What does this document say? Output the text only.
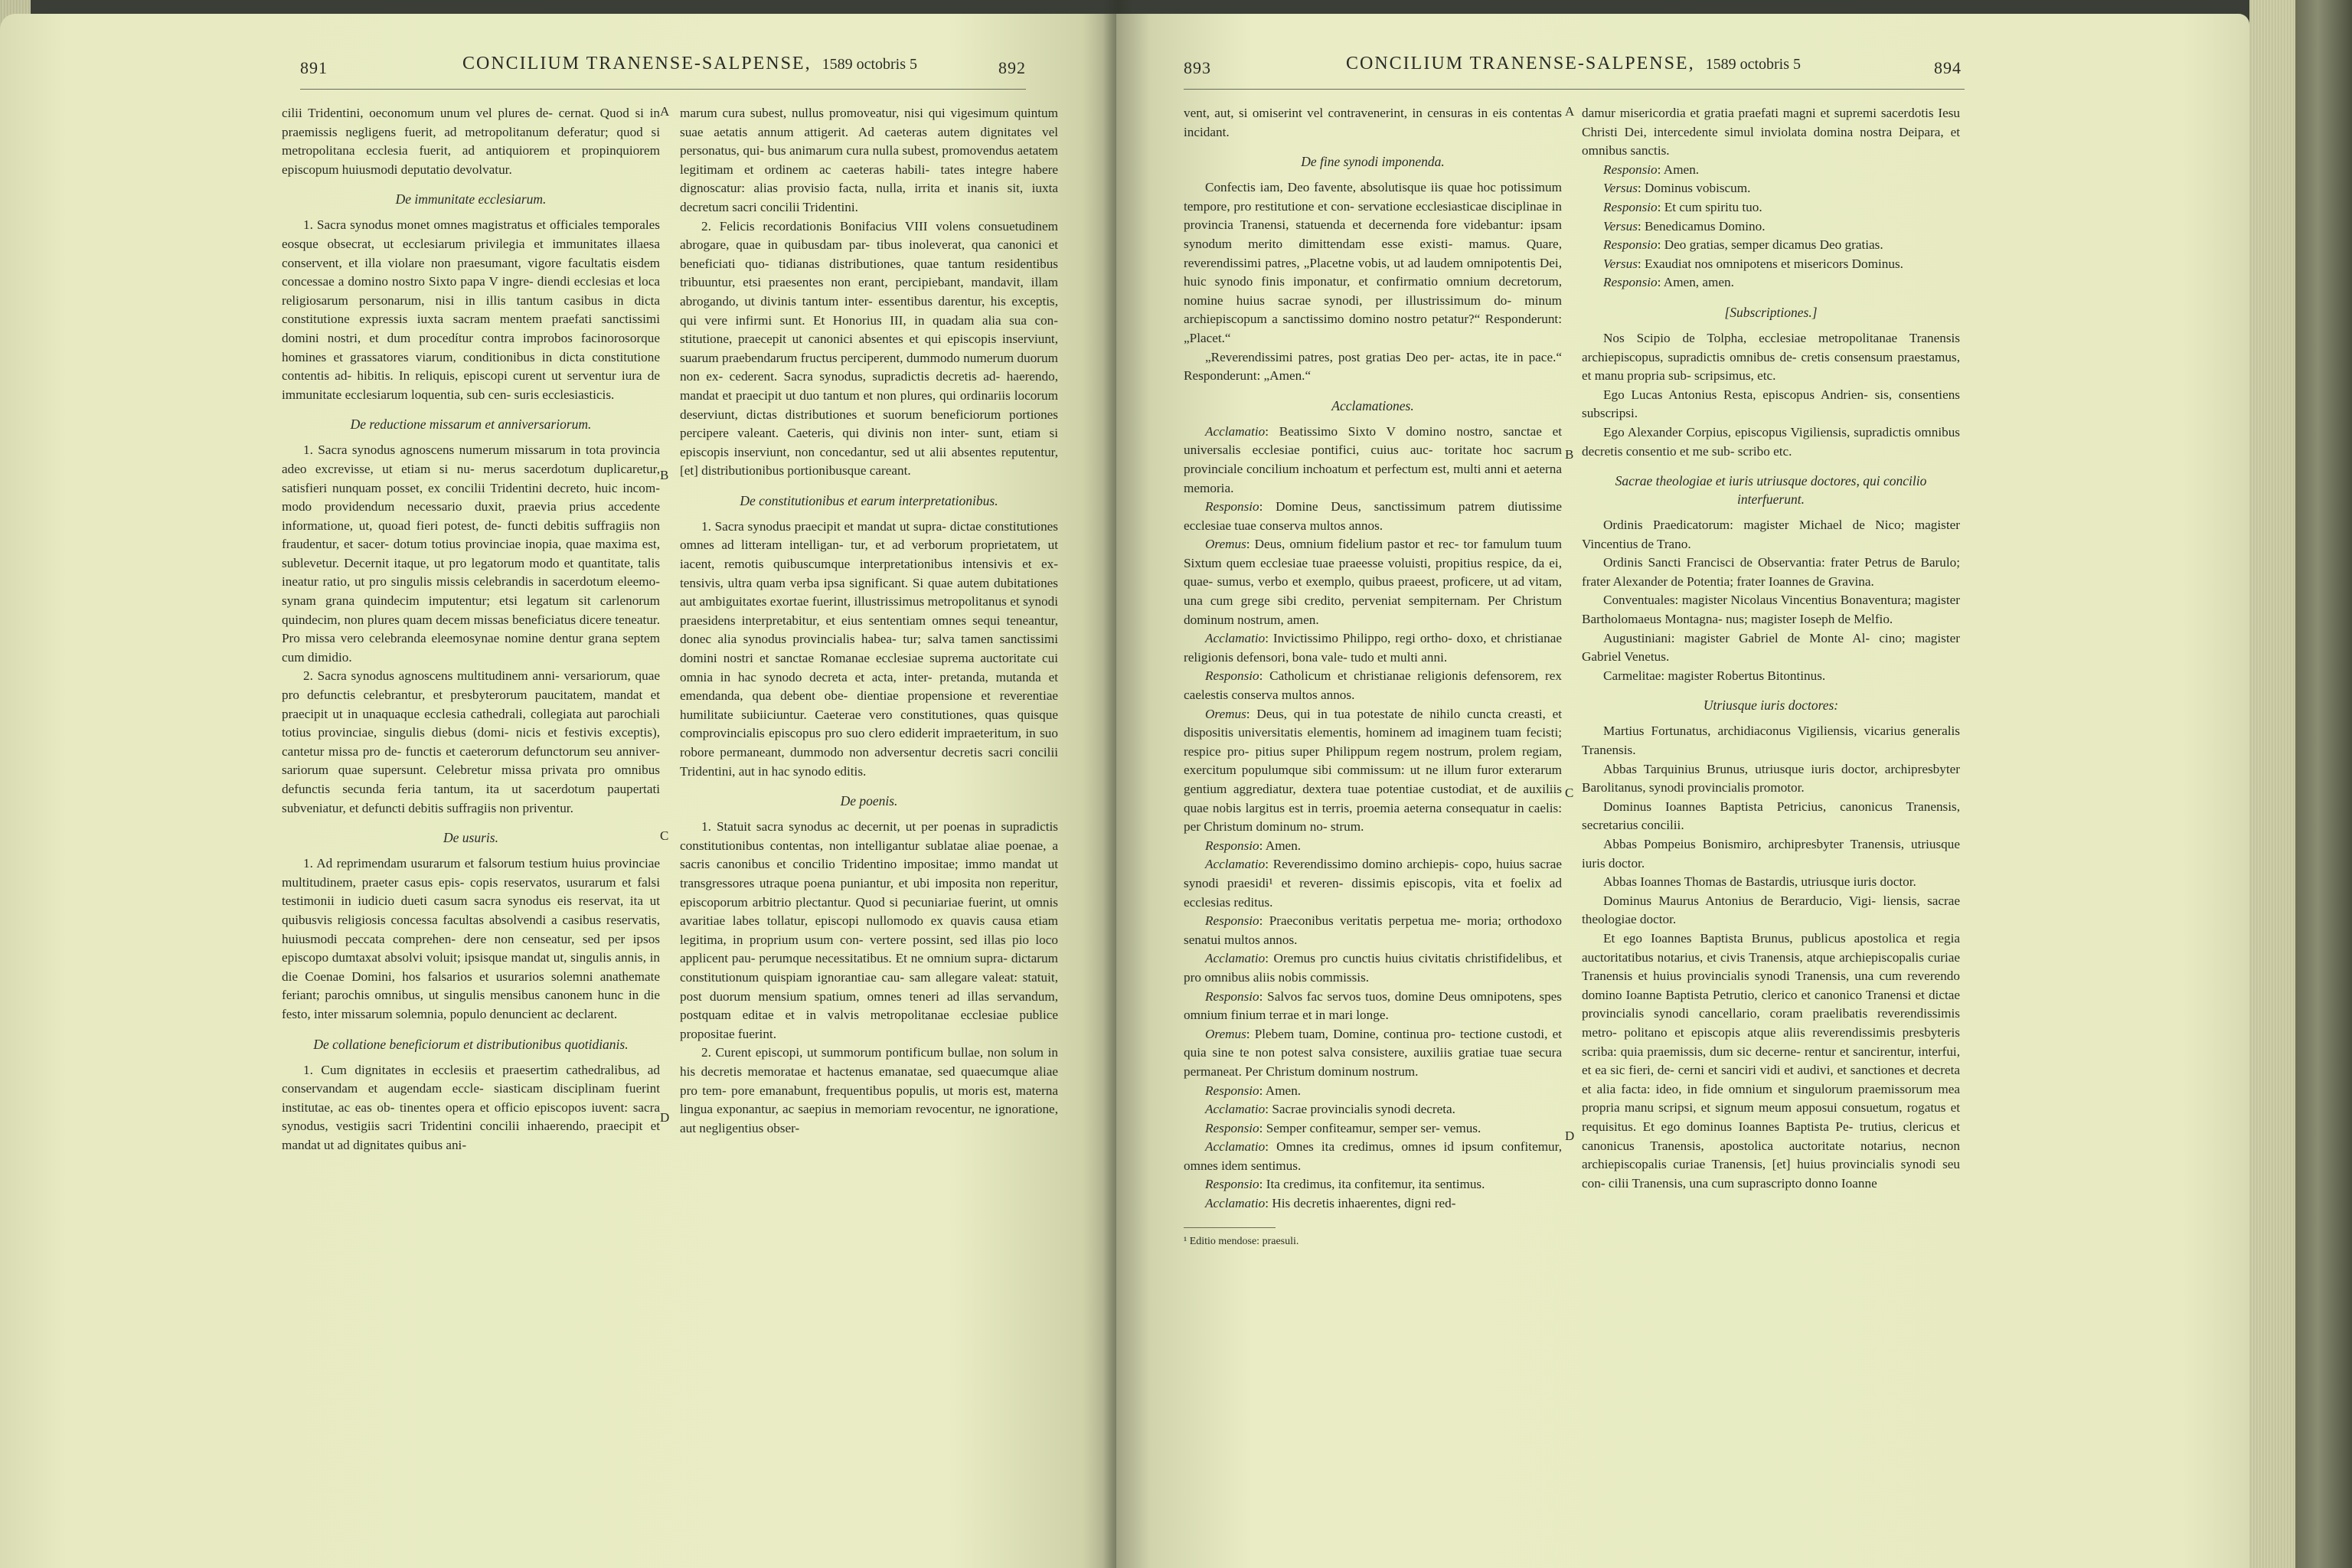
891	CONCILIUM TRANENSE-SALPENSE, 1589 octobris 5	892

cilii Tridentini, oeconomum unum vel plures de- cernat. Quod si in praemissis negligens fuerit, ad metropolitanum deferatur; quod si metropolitana ecclesia fuerit, ad antiquiorem et propinquiorem episcopum huiusmodi deputatio devolvatur.

De immunitate ecclesiarum.

1. Sacra synodus monet omnes magistratus et officiales temporales eosque obsecrat, ut ecclesiarum privilegia et immunitates illaesa conservent, et illa violare non praesumant, vigore facultatis eisdem concessae a domino nostro Sixto papa V ingre- diendi ecclesias et loca religiosarum personarum, nisi in illis tantum casibus in dicta constitutione expressis iuxta sacram mentem praefati sanctissimi domini nostri, et dum procedítur contra improbos facinorosorque homines et grassatores viarum, conditionibus in dicta constitutione contentis ad- hibitis. In reliquis, episcopi curent ut serventur iura de immunitate ecclesiarum loquentia, sub cen- suris ecclesiasticis.

De reductione missarum et anniversariorum.

1. Sacra synodus agnoscens numerum missarum in tota provincia adeo excrevisse, ut etiam si nu- merus sacerdotum duplicaretur, satisfieri nunquam posset, ex concilii Tridentini decreto, huic incom- modo providendum necessario duxit, praevia prius accedente informatione, ut, quoad fieri potest, de- functi debitis suffragiis non fraudentur, et sacer- dotum totius provinciae inopia, quae maxima est, sublevetur. Decernit itaque, ut pro legatorum modo et quantitate, talis ineatur ratio, ut pro singulis missis celebrandis in sacerdotum eleemo- synam grana quindecim imputentur; etsi legatum sit carlenorum quindecim, non plures quam decem missas beneficiatus dicere teneatur. Pro missa vero celebranda eleemosynae nomine dentur grana septem cum dimidio.

2. Sacra synodus agnoscens multitudinem anni- versariorum, quae pro defunctis celebrantur, et presbyterorum paucitatem, mandat et praecipit ut in unaquaque ecclesia cathedrali, collegiata aut parochiali totius provinciae, singulis diebus (domi- nicis et festivis exceptis), cantetur missa pro de- functis et caeterorum defunctorum seu anniver- sariorum quae supersunt. Celebretur missa privata pro omnibus defunctis secunda feria tantum, ita ut sacerdotum paupertati subveniatur, et defuncti debitis suffragiis non priventur.

De usuris.

1. Ad reprimendam usurarum et falsorum testium huius provinciae multitudinem, praeter casus epis- copis reservatos, usurarum et falsi testimonii in iudicio dueti casum sacra synodus eis reservat, ita ut quibusvis religiosis concessa facultas absolvendi a casibus reservatis, huiusmodi peccata comprehen- dere non censeatur, sed per ipsos episcopo dumtaxat absolvi voluit; ipsisque mandat ut, singulis annis, in die Coenae Domini, hos falsarios et usurarios solemni anathemate feriant; parochis omnibus, ut singulis mensibus canonem hunc in die festo, inter missarum solemnia, populo denuncient ac declarent.

De collatione beneficiorum et distributionibus quotidianis.

1. Cum dignitates in ecclesiis et praesertim cathedralibus, ad conservandam et augendam eccle- siasticam disciplinam fuerint institutae, ac eas ob- tinentes opera et officio episcopos iuvent: sacra synodus, vestigiis sacri Tridentini concilii inhaerendo, praecipit et mandat ut ad dignitates quibus ani-

marum cura subest, nullus promoveatur, nisi qui vigesimum quintum suae aetatis annum attigerit. Ad caeteras autem dignitates vel personatus, qui- bus animarum cura nulla subest, promovendus aetatem legitimam et ordinem ac caeteras habili- tates integre habere dignoscatur: alias provisio facta, nulla, irrita et inanis sit, iuxta decretum sacri concilii Tridentini.

2. Felicis recordationis Bonifacius VIII volens consuetudinem abrogare, quae in quibusdam par- tibus inoleverat, qua canonici et beneficiati quo- tidianas distributiones, quae tantum residentibus tribuuntur, etsi praesentes non erant, percipiebant, mandavit, illam abrogando, ut divinis tantum inter- essentibus darentur, his exceptis, qui vere infirmi sunt. Et Honorius III, in quadam alia sua con- stitutione, praecepit ut canonici absentes et qui episcopis inserviunt, suarum praebendarum fructus perciperent, dummodo numerum duorum non ex- cederent. Sacra synodus, supradictis decretis ad- haerendo, mandat et praecipit ut duo tantum et non plures, qui ordinariis locorum deserviunt, dictas distributiones et suorum beneficiorum portiones percipere valeant. Caeteris, qui divinis non inter- sunt, etiam si episcopis inserviunt, non concedantur, sed ut alii absentes reputentur, [et] distributionibus portionibusque careant.

De constitutionibus et earum interpretationibus.

1. Sacra synodus praecipit et mandat ut supra- dictae constitutiones omnes ad litteram intelligan- tur, et ad verborum proprietatem, ut iacent, remotis quibuscumque interpretationibus intensivis et ex- tensivis, ultra quam verba ipsa significant. Si quae autem dubitationes aut ambiguitates exortae fuerint, illustrissimus metropolitanus et synodi praesidens interpretabitur, et eius sententiam omnes sequi teneantur, donec alia synodus provincialis habea- tur; salva tamen sanctissimi domini nostri et sanctae Romanae ecclesiae suprema auctoritate cui omnia in hac synodo decreta et acta, inter- pretanda, mutanda et emendanda, qua debent obe- dientiae propensione et reverentiae humilitate subiiciuntur. Caeterae vero constitutiones, quas quisque comprovincialis episcopus pro suo clero ediderit impraeteritum, in suo robore permaneant, dummodo non adversentur decretis sacri concilii Tridentini, aut in hac synodo editis.

De poenis.

1. Statuit sacra synodus ac decernit, ut per poenas in supradictis constitutionibus contentas, non intelligantur sublatae aliae poenae, a sacris canonibus et concilio Tridentino impositae; immo mandat ut transgressores utraque poena puniantur, et ubi imposita non reperitur, episcoporum arbitrio plectantur. Quod si pecuniariae fuerint, ut omnis avaritiae labes tollatur, episcopi nullomodo ex quavis causa etiam legitima, in proprium usum con- vertere possint, sed illas pio loco applicent pau- perumque necessitatibus. Et ne omnium supra- dictarum constitutionum quispiam ignorantiae cau- sam allegare valeat: statuit, post duorum mensium spatium, omnes teneri ad illas servandum, postquam editae et in valvis metropolitanae ecclesiae publice propositae fuerint.

2. Curent episcopi, ut summorum pontificum bullae, non solum in his decretis memoratae et hactenus emanatae, sed quaecumque aliae pro tem- pore emanabunt, frequentibus populis, ut moris est, materna lingua exponantur, ac saepius in memoriam revocentur, ne ignoratione, aut negligentius obser-

A
B
C
D
893	CONCILIUM TRANENSE-SALPENSE, 1589 octobris 5	894

vent, aut, si omiserint vel contravenerint, in censuras in eis contentas incidant.

De fine synodi imponenda.

Confectis iam, Deo favente, absolutisque iis quae hoc potissimum tempore, pro restitutione et con- servatione ecclesiasticae disciplinae in provincia Tranensi, statuenda et decernenda fore videbantur: ipsam synodum merito dimittendam esse existi- mamus. Quare, reverendissimi patres, „Placetne vobis, ut ad laudem omnipotentis Dei, huic synodo finis imponatur, et confirmatio omnium decretorum, nomine huius sacrae synodi, per illustrissimum do- minum archiepiscopum a sanctissimo domino nostro petatur?“ Responderunt: „Placet.“

„Reverendissimi patres, post gratias Deo per- actas, ite in pace.“ Responderunt: „Amen.“

Acclamationes.

Acclamatio: Beatissimo Sixto V domino nostro, sanctae et universalis ecclesiae pontifici, cuius auc- toritate hoc sacrum provinciale concilium inchoatum et perfectum est, multi anni et aeterna memoria.

Responsio: Domine Deus, sanctissimum patrem diutissime ecclesiae tuae conserva multos annos.

Oremus: Deus, omnium fidelium pastor et rec- tor famulum tuum Sixtum quem ecclesiae tuae praeesse voluisti, propitius respice, da ei, quae- sumus, verbo et exemplo, quibus praeest, proficere, ut ad vitam, una cum grege sibi credito, perveniat sempiternam. Per Christum dominum nostrum, amen.

Acclamatio: Invictissimo Philippo, regi ortho- doxo, et christianae religionis defensori, bona vale- tudo et multi anni.

Responsio: Catholicum et christianae religionis defensorem, rex caelestis conserva multos annos.

Oremus: Deus, qui in tua potestate de nihilo cuncta creasti, et dispositis universitatis elementis, hominem ad imaginem tuam fecisti; respice pro- pitius super Philippum regem nostrum, prolem regiam, exercitum populumque sibi commissum: ut ne illum furor exterarum gentium aggrediatur, dextera tuae potentiae custodiat, et de auxiliis quae nobis largitus est in terris, proemia aeterna consequatur in caelis: per Christum dominum no- strum.

Responsio: Amen.

Acclamatio: Reverendissimo domino archiepis- copo, huius sacrae synodi praesidi¹ et reveren- dissimis episcopis, vita et foelix ad ecclesias reditus.

Responsio: Praeconibus veritatis perpetua me- moria; orthodoxo senatui multos annos.

Acclamatio: Oremus pro cunctis huius civitatis christifidelibus, et pro omnibus aliis nobis commissis.

Responsio: Salvos fac servos tuos, domine Deus omnipotens, spes omnium finium terrae et in mari longe.

Oremus: Plebem tuam, Domine, continua pro- tectione custodi, et quia sine te non potest salva consistere, auxiliis gratiae tuae secura permaneat. Per Christum dominum nostrum.

Responsio: Amen.

Acclamatio: Sacrae provincialis synodi decreta.

Responsio: Semper confiteamur, semper ser- vemus.

Acclamatio: Omnes ita credimus, omnes id ipsum confitemur, omnes idem sentimus.

Responsio: Ita credimus, ita confitemur, ita sentimus.

Acclamatio: His decretis inhaerentes, digni red-

¹ Editio mendose: praesuli.

damur misericordia et gratia praefati magni et supremi sacerdotis Iesu Christi Dei, intercedente simul inviolata domina nostra Deipara, et omnibus sanctis.

Responsio: Amen.

Versus: Dominus vobiscum.

Responsio: Et cum spiritu tuo.

Versus: Benedicamus Domino.

Responsio: Deo gratias, semper dicamus Deo gratias.

Versus: Exaudiat nos omnipotens et misericors Dominus.

Responsio: Amen, amen.

[Subscriptiones.]

Nos Scipio de Tolpha, ecclesiae metropolitanae Tranensis archiepiscopus, supradictis omnibus de- cretis consensum praestamus, et manu propria sub- scripsimus, etc.

Ego Lucas Antonius Resta, episcopus Andrien- sis, consentiens subscripsi.

Ego Alexander Corpius, episcopus Vigiliensis, supradictis omnibus decretis consentio et me sub- scribo etc.

Sacrae theologiae et iuris utriusque doctores, qui concilio interfuerunt.

Ordinis Praedicatorum: magister Michael de Nico; magister Vincentius de Trano.

Ordinis Sancti Francisci de Observantia: frater Petrus de Barulo; frater Alexander de Potentia; frater Ioannes de Gravina.

Conventuales: magister Nicolaus Vincentius Bonaventura; magister Bartholomaeus Montagna- nus; magister Ioseph de Melfio.

Augustiniani: magister Gabriel de Monte Al- cino; magister Gabriel Venetus.

Carmelitae: magister Robertus Bitontinus.

Utriusque iuris doctores:

Martius Fortunatus, archidiaconus Vigiliensis, vicarius generalis Tranensis.

Abbas Tarquinius Brunus, utriusque iuris doctor, archipresbyter Barolitanus, synodi provincialis promotor.

Dominus Ioannes Baptista Petricius, canonicus Tranensis, secretarius concilii.

Abbas Pompeius Bonismiro, archipresbyter Tranensis, utriusque iuris doctor.

Abbas Ioannes Thomas de Bastardis, utriusque iuris doctor.

Dominus Maurus Antonius de Berarducio, Vigi- liensis, sacrae theologiae doctor.

Et ego Ioannes Baptista Brunus, publicus apostolica et regia auctoritatibus notarius, et civis Tranensis, atque archiepiscopalis curiae Tranensis et huius provincialis synodi Tranensis, una cum reverendo domino Ioanne Baptista Petrutio, clerico et canonico Tranensi et dictae provincialis synodi cancellario, coram praelibatis reverendissimis metro- politano et episcopis atque aliis reverendissimis presbyteris scriba: quia praemissis, dum sic decerne- rentur et sancirentur, interfui, et ea sic fieri, de- cerni et sanciri vidi et audivi, et sanctiones et decreta et alia facta: ideo, in fide omnium et singulorum praemissorum mea propria manu scripsi, et signum meum apposui consuetum, rogatus et requisitus. Et ego dominus Ioannes Baptista Pe- trutius, clericus et canonicus Tranensis, apostolica auctoritate notarius, necnon archiepiscopalis curiae Tranensis, [et] huius provincialis synodi seu con- cilii Tranensis, una cum suprascripto donno Ioanne

A
B
C
D
